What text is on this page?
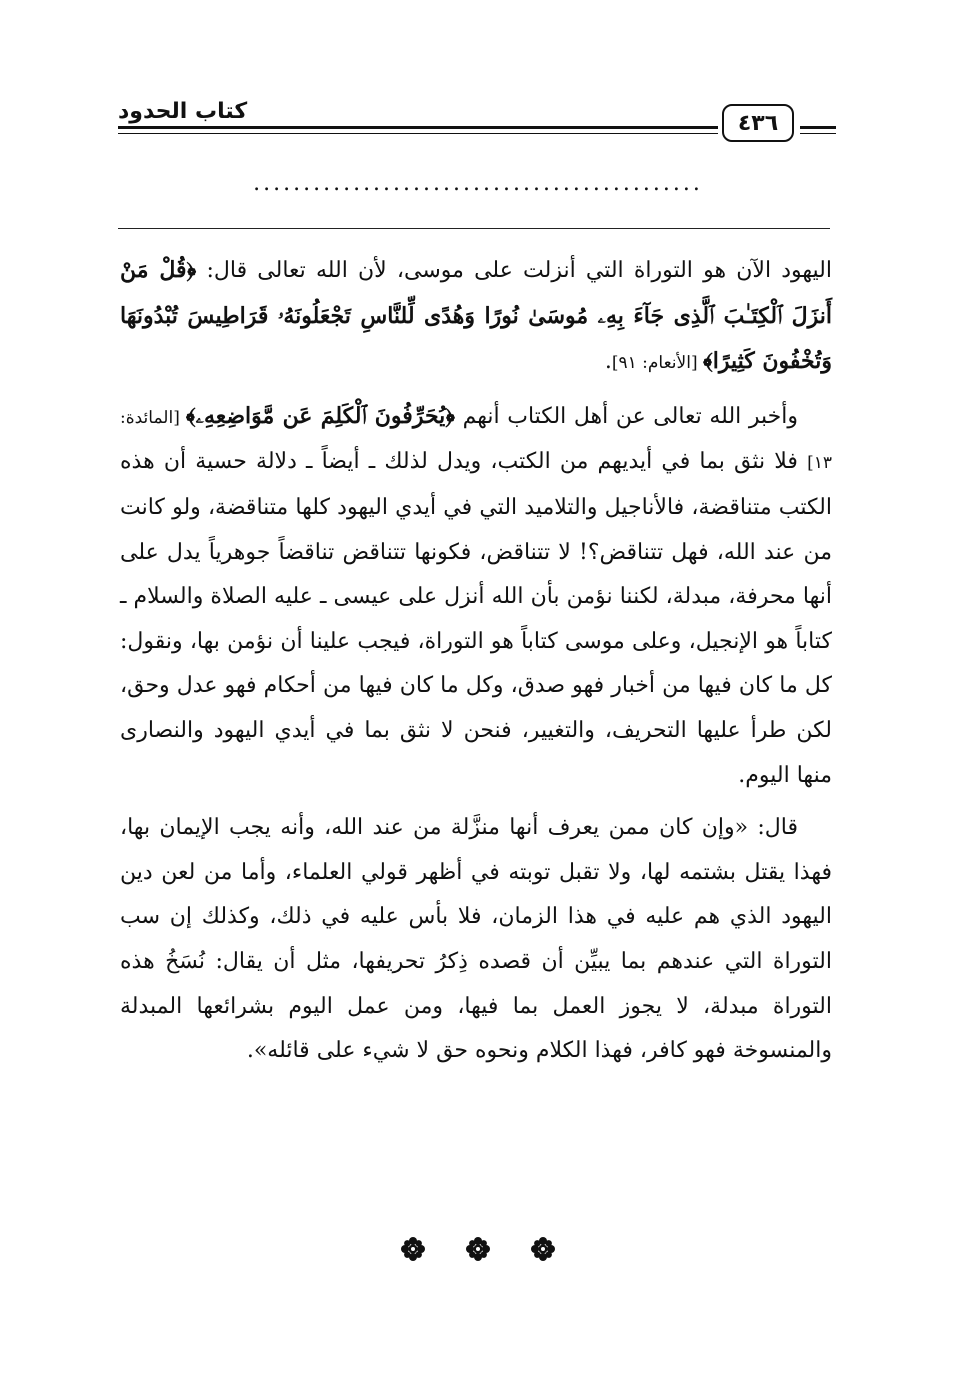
كتاب الحدود	٤٣٦
.............................................

اليهود الآن هو التوراة التي أنزلت على موسى، لأن الله تعالى قال: ﴿قُلْ مَنْ أَنزَلَ ٱلْكِتَـٰبَ ٱلَّذِى جَآءَ بِهِۦ مُوسَىٰ نُورًا وَهُدًى لِّلنَّاسِ تَجْعَلُونَهُۥ قَرَاطِيسَ تُبْدُونَهَا وَتُخْفُونَ كَثِيرًا﴾ [الأنعام: ٩١].

وأخبر الله تعالى عن أهل الكتاب أنهم ﴿يُحَرِّفُونَ ٱلْكَلِمَ عَن مَّوَاضِعِهِۦ﴾ [المائدة: ١٣] فلا نثق بما في أيديهم من الكتب، ويدل لذلك ـ أيضاً ـ دلالة حسية أن هذه الكتب متناقضة، فالأناجيل والتلاميد التي في أيدي اليهود كلها متناقضة، ولو كانت من عند الله، فهل تتناقض؟! لا تتناقض، فكونها تتناقض تناقضاً جوهرياً يدل على أنها محرفة، مبدلة، لكننا نؤمن بأن الله أنزل على عيسى ـ عليه الصلاة والسلام ـ كتاباً هو الإنجيل، وعلى موسى كتاباً هو التوراة، فيجب علينا أن نؤمن بها، ونقول: كل ما كان فيها من أخبار فهو صدق، وكل ما كان فيها من أحكام فهو عدل وحق، لكن طرأ عليها التحريف، والتغيير، فنحن لا نثق بما في أيدي اليهود والنصارى منها اليوم.

قال: «وإن كان ممن يعرف أنها منزَّلة من عند الله، وأنه يجب الإيمان بها، فهذا يقتل بشتمه لها، ولا تقبل توبته في أظهر قولي العلماء، وأما من لعن دين اليهود الذي هم عليه في هذا الزمان، فلا بأس عليه في ذلك، وكذلك إن سب التوراة التي عندهم بما يبيِّن أن قصده ذِكرُ تحريفها، مثل أن يقال: نُسَخُ هذه التوراة مبدلة، لا يجوز العمل بما فيها، ومن عمل اليوم بشرائعها المبدلة والمنسوخة فهو كافر، فهذا الكلام ونحوه حق لا شيء على قائله».
